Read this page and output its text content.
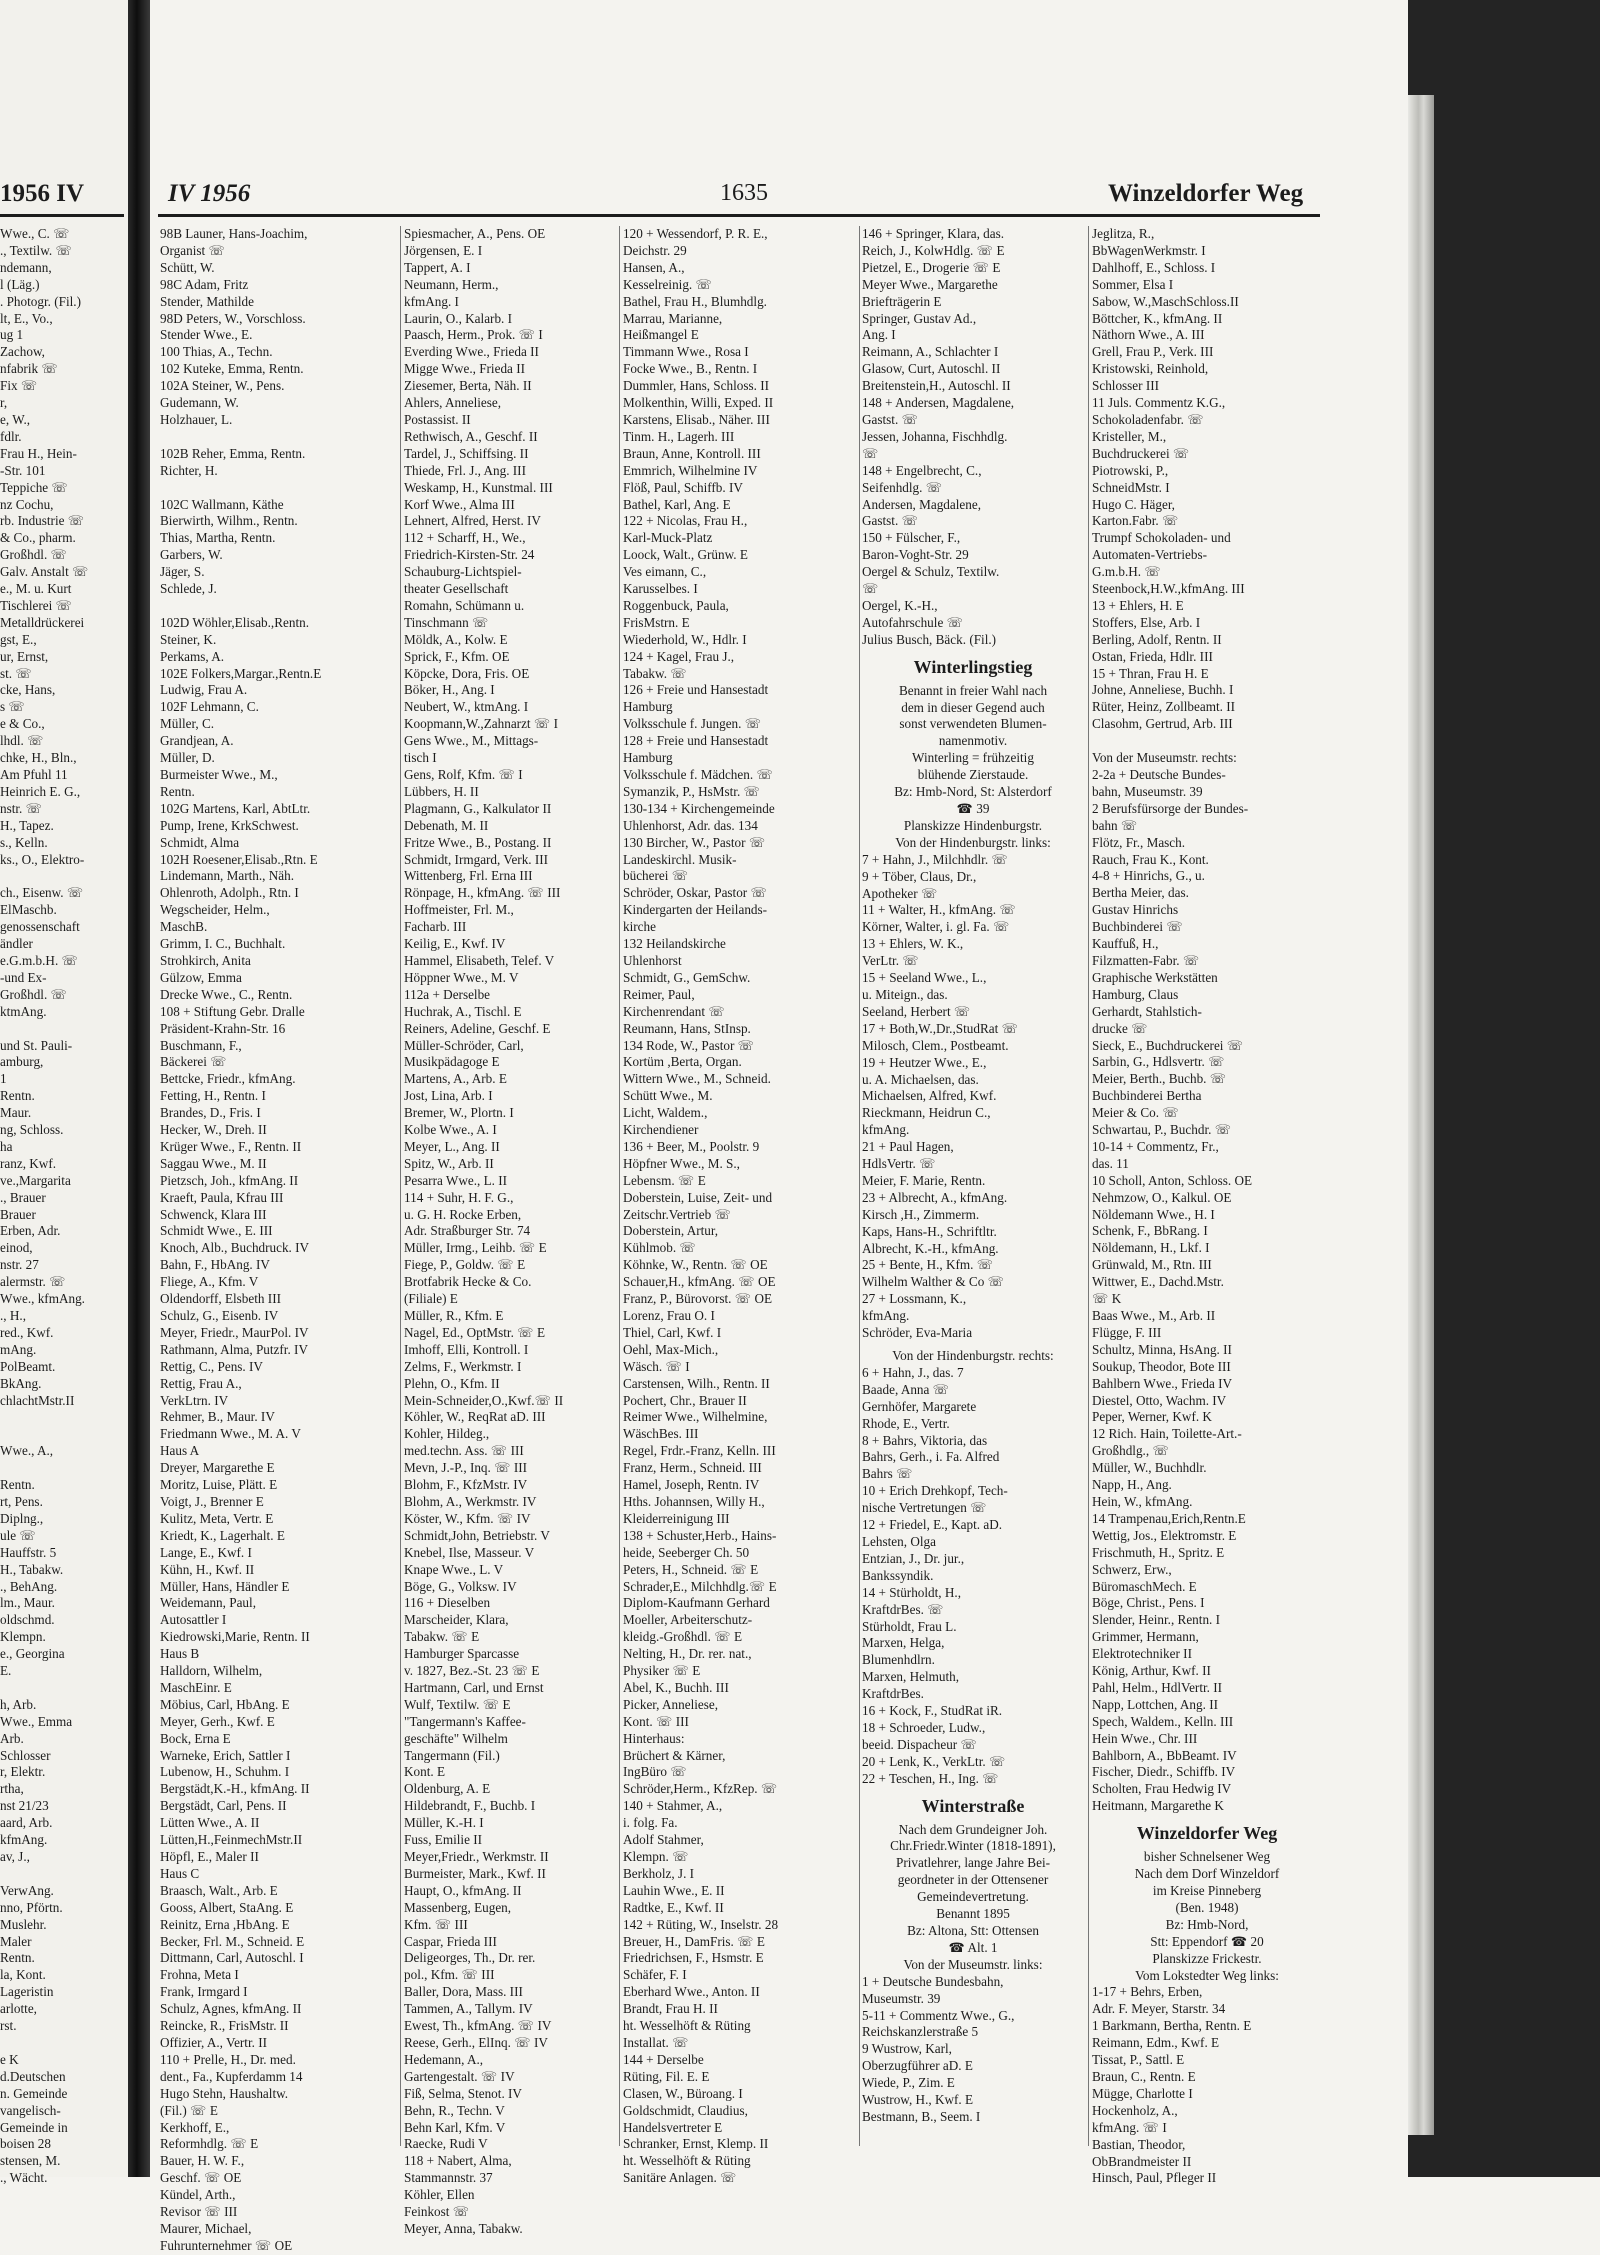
1956 IV
Wwe., C. ☏
., Textilw. ☏
ndemann,
l (Läg.)
. Photogr. (Fil.)
lt, E., Vo.,
ug 1
Zachow,
nfabrik ☏
Fix ☏
r,
e, W.,
fdlr.
Frau H., Hein-
-Str. 101
Teppiche ☏
nz Cochu,
rb. Industrie ☏
& Co., pharm.
Großhdl. ☏
Galv. Anstalt ☏
e., M. u. Kurt
Tischlerei ☏
Metalldrückerei
gst, E.,
ur, Ernst,
st. ☏
cke, Hans,
s ☏
e & Co.,
lhdl. ☏
chke, H., Bln.,
Am Pfuhl 11
Heinrich E. G.,
nstr. ☏
H., Tapez.
s., Kelln.
ks., O., Elektro-

ch., Eisenw. ☏
ElMaschb.
genossenschaft
ändler
e.G.m.b.H. ☏
-und Ex-
Großhdl. ☏
ktmAng.

und St. Pauli-
amburg,
1
Rentn.
Maur.
ng, Schloss.
ha
ranz, Kwf.
ve.,Margarita
., Brauer
Brauer
Erben, Adr.
einod,
nstr. 27
alermstr. ☏
Wwe., kfmAng.
., H.,
red., Kwf.
mAng.
PolBeamt.
BkAng.
chlachtMstr.II

Wwe., A.,

Rentn.
rt, Pens.
Diplng.,
ule ☏
Hauffstr. 5
H., Tabakw.
., BehAng.
lm., Maur.
oldschmd.
Klempn.
e., Georgina
E.

h, Arb.
Wwe., Emma
Arb.
Schlosser
r, Elektr.
rtha,
nst 21/23
aard, Arb.
kfmAng.
av, J.,

VerwAng.
nno, Pförtn.
Muslehr.
Maler
Rentn.
la, Kont.
Lageristin
arlotte,
rst.

e K
d.Deutschen
n. Gemeinde
vangelisch-
Gemeinde in
boisen 28
stensen, M.
., Wächt.
IV 1956	1635	Winzeldorfer Weg
98B Launer, Hans-Joachim,
Organist ☏
Schütt, W.
98C Adam, Fritz
Stender, Mathilde
98D Peters, W., Vorschloss.
Stender Wwe., E.
100 Thias, A., Techn.
102 Kuteke, Emma, Rentn.
102A Steiner, W., Pens.
Gudemann, W.
Holzhauer, L.

102B Reher, Emma, Rentn.
Richter, H.

102C Wallmann, Käthe
Bierwirth, Wilhm., Rentn.
Thias, Martha, Rentn.
Garbers, W.
Jäger, S.
Schlede, J.

102D Wöhler,Elisab.,Rentn.
Steiner, K.
Perkams, A.
102E Folkers,Margar.,Rentn.E
Ludwig, Frau A.
102F Lehmann, C.
Müller, C.
Grandjean, A.
Müller, D.
Burmeister Wwe., M.,
Rentn.
102G Martens, Karl, AbtLtr.
Pump, Irene, KrkSchwest.
Schmidt, Alma
102H Roesener,Elisab.,Rtn. E
Lindemann, Marth., Näh.
Ohlenroth, Adolph., Rtn. I
Wegscheider, Helm.,
MaschB.
Grimm, I. C., Buchhalt.
Strohkirch, Anita
Gülzow, Emma
Drecke Wwe., C., Rentn.
108 + Stiftung Gebr. Dralle
Präsident-Krahn-Str. 16
Buschmann, F.,
Bäckerei ☏
Bettcke, Friedr., kfmAng.
Fetting, H., Rentn. I
Brandes, D., Fris. I
Hecker, W., Dreh. II
Krüger Wwe., F., Rentn. II
Saggau Wwe., M. II
Pietzsch, Joh., kfmAng. II
Kraeft, Paula, Kfrau III
Schwenck, Klara III
Schmidt Wwe., E. III
Knoch, Alb., Buchdruck. IV
Bahn, F., HbAng. IV
Fliege, A., Kfm. V
Oldendorff, Elsbeth III
Schulz, G., Eisenb. IV
Meyer, Friedr., MaurPol. IV
Rathmann, Alma, Putzfr. IV
Rettig, C., Pens. IV
Rettig, Frau A.,
VerkLtrn. IV
Rehmer, B., Maur. IV
Friedmann Wwe., M. A. V
Haus A
Dreyer, Margarethe E
Moritz, Luise, Plätt. E
Voigt, J., Brenner E
Kulitz, Meta, Vertr. E
Kriedt, K., Lagerhalt. E
Lange, E., Kwf. I
Kühn, H., Kwf. II
Müller, Hans, Händler E
Weidemann, Paul,
Autosattler I
Kiedrowski,Marie, Rentn. II
Haus B
Halldorn, Wilhelm,
MaschEinr. E
Möbius, Carl, HbAng. E
Meyer, Gerh., Kwf. E
Bock, Erna E
Warneke, Erich, Sattler I
Lubenow, H., Schuhm. I
Bergstädt,K.-H., kfmAng. II
Bergstädt, Carl, Pens. II
Lütten Wwe., A. II
Lütten,H.,FeinmechMstr.II
Höpfl, E., Maler II
Haus C
Braasch, Walt., Arb. E
Gooss, Albert, StaAng. E
Reinitz, Erna ,HbAng. E
Becker, Frl. M., Schneid. E
Dittmann, Carl, Autoschl. I
Frohna, Meta I
Frank, Irmgard I
Schulz, Agnes, kfmAng. II
Reincke, R., FrisMstr. II
Offizier, A., Vertr. II
110 + Prelle, H., Dr. med.
dent., Fa., Kupferdamm 14
Hugo Stehn, Haushaltw.
(Fil.) ☏ E
Kerkhoff, E.,
Reformhdlg. ☏ E
Bauer, H. W. F.,
Geschf. ☏ OE
Kündel, Arth.,
Revisor ☏ III
Maurer, Michael,
Fuhrunternehmer ☏ OE
Spiesmacher, A., Pens. OE
Jörgensen, E. I
Tappert, A. I
Neumann, Herm.,
kfmAng. I
Laurin, O., Kalarb. I
Paasch, Herm., Prok. ☏ I
Everding Wwe., Frieda II
Migge Wwe., Frieda II
Ziesemer, Berta, Näh. II
Ahlers, Anneliese,
Postassist. II
Rethwisch, A., Geschf. II
Tardel, J., Schiffsing. II
Thiede, Frl. J., Ang. III
Weskamp, H., Kunstmal. III
Korf Wwe., Alma III
Lehnert, Alfred, Herst. IV
112 + Scharff, H., We.,
Friedrich-Kirsten-Str. 24
Schauburg-Lichtspiel-
theater Gesellschaft
Romahn, Schümann u.
Tinschmann ☏
Möldk, A., Kolw. E
Sprick, F., Kfm. OE
Köpcke, Dora, Fris. OE
Böker, H., Ang. I
Neubert, W., ktmAng. I
Koopmann,W.,Zahnarzt ☏ I
Gens Wwe., M., Mittags-
tisch I
Gens, Rolf, Kfm. ☏ I
Lübbers, H. II
Plagmann, G., Kalkulator II
Debenath, M. II
Fritze Wwe., B., Postang. II
Schmidt, Irmgard, Verk. III
Wittenberg, Frl. Erna III
Rönpage, H., kfmAng. ☏ III
Hoffmeister, Frl. M.,
Facharb. III
Keilig, E., Kwf. IV
Hammel, Elisabeth, Telef. V
Höppner Wwe., M. V
112a + Derselbe
Huchrak, A., Tischl. E
Reiners, Adeline, Geschf. E
Müller-Schröder, Carl,
Musikpädagoge E
Martens, A., Arb. E
Jost, Lina, Arb. I
Bremer, W., Plortn. I
Kolbe Wwe., A. I
Meyer, L., Ang. II
Spitz, W., Arb. II
Pesarra Wwe., L. II
114 + Suhr, H. F. G.,
u. G. H. Rocke Erben,
Adr. Straßburger Str. 74
Müller, Irmg., Leihb. ☏ E
Fiege, P., Goldw. ☏ E
Brotfabrik Hecke & Co.
(Filiale) E
Müller, R., Kfm. E
Nagel, Ed., OptMstr. ☏ E
Imhoff, Elli, Kontroll. I
Zelms, F., Werkmstr. I
Plehn, O., Kfm. II
Mein-Schneider,O.,Kwf.☏ II
Köhler, W., ReqRat aD. III
Kohler, Hildeg.,
med.techn. Ass. ☏ III
Mevn, J.-P., Inq. ☏ III
Blohm, F., KfzMstr. IV
Blohm, A., Werkmstr. IV
Köster, W., Kfm. ☏ IV
Schmidt,John, Betriebstr. V
Knebel, Ilse, Masseur. V
Knape Wwe., L. V
Böge, G., Volksw. IV
116 + Dieselben
Marscheider, Klara,
Tabakw. ☏ E
Hamburger Sparcasse
v. 1827, Bez.-St. 23 ☏ E
Hartmann, Carl, und Ernst
Wulf, Textilw. ☏ E
"Tangermann's Kaffee-
geschäfte" Wilhelm
Tangermann (Fil.)
Kont. E
Oldenburg, A. E
Hildebrandt, F., Buchb. I
Müller, K.-H. I
Fuss, Emilie II
Meyer,Friedr., Werkmstr. II
Burmeister, Mark., Kwf. II
Haupt, O., kfmAng. II
Massenberg, Eugen,
Kfm. ☏ III
Caspar, Frieda III
Deligeorges, Th., Dr. rer.
pol., Kfm. ☏ III
Baller, Dora, Mass. III
Tammen, A., Tallym. IV
Ewest, Th., kfmAng. ☏ IV
Reese, Gerh., ElInq. ☏ IV
Hedemann, A.,
Gartengestalt. ☏ IV
Fiß, Selma, Stenot. IV
Behn, R., Techn. V
Behn Karl, Kfm. V
Raecke, Rudi V
118 + Nabert, Alma,
Stammannstr. 37
Köhler, Ellen
Feinkost ☏
Meyer, Anna, Tabakw.
120 + Wessendorf, P. R. E.,
Deichstr. 29
Hansen, A.,
Kesselreinig. ☏
Bathel, Frau H., Blumhdlg.
Marrau, Marianne,
Heißmangel E
Timmann Wwe., Rosa I
Focke Wwe., B., Rentn. I
Dummler, Hans, Schloss. II
Molkenthin, Willi, Exped. II
Karstens, Elisab., Näher. III
Tinm. H., Lagerh. III
Braun, Anne, Kontroll. III
Emmrich, Wilhelmine IV
Flöß, Paul, Schiffb. IV
Bathel, Karl, Ang. E
122 + Nicolas, Frau H.,
Karl-Muck-Platz
Loock, Walt., Grünw. E
Ves eimann, C.,
Karusselbes. I
Roggenbuck, Paula,
FrisMstrn. E
Wiederhold, W., Hdlr. I
124 + Kagel, Frau J.,
Tabakw. ☏
126 + Freie und Hansestadt
Hamburg
Volksschule f. Jungen. ☏
128 + Freie und Hansestadt
Hamburg
Volksschule f. Mädchen. ☏
Symanzik, P., HsMstr. ☏
130-134 + Kirchengemeinde
Uhlenhorst, Adr. das. 134
130 Bircher, W., Pastor ☏
Landeskirchl. Musik-
bücherei ☏
Schröder, Oskar, Pastor ☏
Kindergarten der Heilands-
kirche
132 Heilandskirche
Uhlenhorst
Schmidt, G., GemSchw.
Reimer, Paul,
Kirchenrendant ☏
Reumann, Hans, StInsp.
134 Rode, W., Pastor ☏
Kortüm ,Berta, Organ.
Wittern Wwe., M., Schneid.
Schütt Wwe., M.
Licht, Waldem.,
Kirchendiener
136 + Beer, M., Poolstr. 9
Höpfner Wwe., M. S.,
Lebensm. ☏ E
Doberstein, Luise, Zeit- und
Zeitschr.Vertrieb ☏
Doberstein, Artur,
Kühlmob. ☏
Köhnke, W., Rentn. ☏ OE
Schauer,H., kfmAng. ☏ OE
Franz, P., Bürovorst. ☏ OE
Lorenz, Frau O. I
Thiel, Carl, Kwf. I
Oehl, Max-Mich.,
Wäsch. ☏ I
Carstensen, Wilh., Rentn. II
Pochert, Chr., Brauer II
Reimer Wwe., Wilhelmine,
WäschBes. III
Regel, Frdr.-Franz, Kelln. III
Franz, Herm., Schneid. III
Hamel, Joseph, Rentn. IV
Hths. Johannsen, Willy H.,
Kleiderreinigung III
138 + Schuster,Herb., Hains-
heide, Seeberger Ch. 50
Peters, H., Schneid. ☏ E
Schrader,E., Milchhdlg.☏ E
Diplom-Kaufmann Gerhard
Moeller, Arbeiterschutz-
kleidg.-Großhdl. ☏ E
Nelting, H., Dr. rer. nat.,
Physiker ☏ E
Abel, K., Buchh. III
Picker, Anneliese,
Kont. ☏ III
Hinterhaus:
Brüchert & Kärner,
IngBüro ☏
Schröder,Herm., KfzRep. ☏
140 + Stahmer, A.,
i. folg. Fa.
Adolf Stahmer,
Klempn. ☏
Berkholz, J. I
Lauhin Wwe., E. II
Radtke, E., Kwf. II
142 + Rüting, W., Inselstr. 28
Breuer, H., DamFris. ☏ E
Friedrichsen, F., Hsmstr. E
Schäfer, F. I
Eberhard Wwe., Anton. II
Brandt, Frau H. II
ht. Wesselhöft & Rüting
Installat. ☏
144 + Derselbe
Rüting, Fil. E. E
Clasen, W., Büroang. I
Goldschmidt, Claudius,
Handelsvertreter E
Schranker, Ernst, Klemp. II
ht. Wesselhöft & Rüting
Sanitäre Anlagen. ☏
146 + Springer, Klara, das.
Reich, J., KolwHdlg. ☏ E
Pietzel, E., Drogerie ☏ E
Meyer Wwe., Margarethe
Briefträgerin E
Springer, Gustav Ad.,
Ang. I
Reimann, A., Schlachter I
Glasow, Curt, Autoschl. II
Breitenstein,H., Autoschl. II
148 + Andersen, Magdalene,
Gastst. ☏
Jessen, Johanna, Fischhdlg.
☏
148 + Engelbrecht, C.,
Seifenhdlg. ☏
Andersen, Magdalene,
Gastst. ☏
150 + Fülscher, F.,
Baron-Voght-Str. 29
Oergel & Schulz, Textilw.
☏
Oergel, K.-H.,
Autofahrschule ☏
Julius Busch, Bäck. (Fil.)
Winterlingstieg
Benannt in freier Wahl nach
dem in dieser Gegend auch
sonst verwendeten Blumen-
namenmotiv.
Winterling = frühzeitig
blühende Zierstaude.
Bz: Hmb-Nord, St: Alsterdorf
☎ 39
Planskizze Hindenburgstr.
Von der Hindenburgstr. links:
7 + Hahn, J., Milchhdlr. ☏
9 + Töber, Claus, Dr.,
Apotheker ☏
11 + Walter, H., kfmAng. ☏
Körner, Walter, i. gl. Fa. ☏
13 + Ehlers, W. K.,
VerLtr. ☏
15 + Seeland Wwe., L.,
u. Miteign., das.
Seeland, Herbert ☏
17 + Both,W.,Dr.,StudRat ☏
Milosch, Clem., Postbeamt.
19 + Heutzer Wwe., E.,
u. A. Michaelsen, das.
Michaelsen, Alfred, Kwf.
Rieckmann, Heidrun C.,
kfmAng.
21 + Paul Hagen,
HdlsVertr. ☏
Meier, F. Marie, Rentn.
23 + Albrecht, A., kfmAng.
Kirsch ,H., Zimmerm.
Kaps, Hans-H., Schriftltr.
Albrecht, K.-H., kfmAng.
25 + Bente, H., Kfm. ☏
Wilhelm Walther & Co ☏
27 + Lossmann, K.,
kfmAng.
Schröder, Eva-Maria
Von der Hindenburgstr. rechts:
6 + Hahn, J., das. 7
Baade, Anna ☏
Gernhöfer, Margarete
Rhode, E., Vertr.
8 + Bahrs, Viktoria, das
Bahrs, Gerh., i. Fa. Alfred
Bahrs ☏
10 + Erich Drehkopf, Tech-
nische Vertretungen ☏
12 + Friedel, E., Kapt. aD.
Lehsten, Olga
Entzian, J., Dr. jur.,
Bankssyndik.
14 + Stürholdt, H.,
KraftdrBes. ☏
Stürholdt, Frau L.
Marxen, Helga,
Blumenhdlrn.
Marxen, Helmuth,
KraftdrBes.
16 + Kock, F., StudRat iR.
18 + Schroeder, Ludw.,
beeid. Dispacheur ☏
20 + Lenk, K., VerkLtr. ☏
22 + Teschen, H., Ing. ☏
Winterstraße
Nach dem Grundeigner Joh.
Chr.Friedr.Winter (1818-1891),
Privatlehrer, lange Jahre Bei-
geordneter in der Ottensener
Gemeindevertretung.
Benannt 1895
Bz: Altona, Stt: Ottensen
☎ Alt. 1
Von der Museumstr. links:
1 + Deutsche Bundesbahn,
Museumstr. 39
5-11 + Commentz Wwe., G.,
Reichskanzlerstraße 5
9 Wustrow, Karl,
Oberzugführer aD. E
Wiede, P., Zim. E
Wustrow, H., Kwf. E
Bestmann, B., Seem. I
Jeglitza, R.,
BbWagenWerkmstr. I
Dahlhoff, E., Schloss. I
Sommer, Elsa I
Sabow, W.,MaschSchloss.II
Böttcher, K., kfmAng. II
Näthorn Wwe., A. III
Grell, Frau P., Verk. III
Kristowski, Reinhold,
Schlosser III
11 Juls. Commentz K.G.,
Schokoladenfabr. ☏
Kristeller, M.,
Buchdruckerei ☏
Piotrowski, P.,
SchneidMstr. I
Hugo C. Häger,
Karton.Fabr. ☏
Trumpf Schokoladen- und
Automaten-Vertriebs-
G.m.b.H. ☏
Steenbock,H.W.,kfmAng. III
13 + Ehlers, H. E
Stoffers, Else, Arb. I
Berling, Adolf, Rentn. II
Ostan, Frieda, Hdlr. III
15 + Thran, Frau H. E
Johne, Anneliese, Buchh. I
Rüter, Heinz, Zollbeamt. II
Clasohm, Gertrud, Arb. III

Von der Museumstr. rechts:
2-2a + Deutsche Bundes-
bahn, Museumstr. 39
2 Berufsfürsorge der Bundes-
bahn ☏
Flötz, Fr., Masch.
Rauch, Frau K., Kont.
4-8 + Hinrichs, G., u.
Bertha Meier, das.
Gustav Hinrichs
Buchbinderei ☏
Kauffuß, H.,
Filzmatten-Fabr. ☏
Graphische Werkstätten
Hamburg, Claus
Gerhardt, Stahlstich-
drucke ☏
Sieck, E., Buchdruckerei ☏
Sarbin, G., Hdlsvertr. ☏
Meier, Berth., Buchb. ☏
Buchbinderei Bertha
Meier & Co. ☏
Schwartau, P., Buchdr. ☏
10-14 + Commentz, Fr.,
das. 11
10 Scholl, Anton, Schloss. OE
Nehmzow, O., Kalkul. OE
Nöldemann Wwe., H. I
Schenk, F., BbRang. I
Nöldemann, H., Lkf. I
Grünwald, M., Rtn. III
Wittwer, E., Dachd.Mstr.
☏ K
Baas Wwe., M., Arb. II
Flügge, F. III
Schultz, Minna, HsAng. II
Soukup, Theodor, Bote III
Bahlbern Wwe., Frieda IV
Diestel, Otto, Wachm. IV
Peper, Werner, Kwf. K
12 Rich. Hain, Toilette-Art.-
Großhdlg., ☏
Müller, W., Buchhdlr.
Napp, H., Ang.
Hein, W., kfmAng.
14 Trampenau,Erich,Rentn.E
Wettig, Jos., Elektromstr. E
Frischmuth, H., Spritz. E
Schwerz, Erw.,
BüromaschMech. E
Böge, Christ., Pens. I
Slender, Heinr., Rentn. I
Grimmer, Hermann,
Elektrotechniker II
König, Arthur, Kwf. II
Pahl, Helm., HdlVertr. II
Napp, Lottchen, Ang. II
Spech, Waldem., Kelln. III
Hein Wwe., Chr. III
Bahlborn, A., BbBeamt. IV
Fischer, Diedr., Schiffb. IV
Scholten, Frau Hedwig IV
Heitmann, Margarethe K
Winzeldorfer Weg
bisher Schnelsener Weg
Nach dem Dorf Winzeldorf
im Kreise Pinneberg
(Ben. 1948)
Bz: Hmb-Nord,
Stt: Eppendorf ☎ 20
Planskizze Frickestr.
Vom Lokstedter Weg links:
1-17 + Behrs, Erben,
Adr. F. Meyer, Starstr. 34
1 Barkmann, Bertha, Rentn. E
Reimann, Edm., Kwf. E
Tissat, P., Sattl. E
Braun, C., Rentn. E
Mügge, Charlotte I
Hockenholz, A.,
kfmAng. ☏ I
Bastian, Theodor,
ObBrandmeister II
Hinsch, Paul, Pfleger II
